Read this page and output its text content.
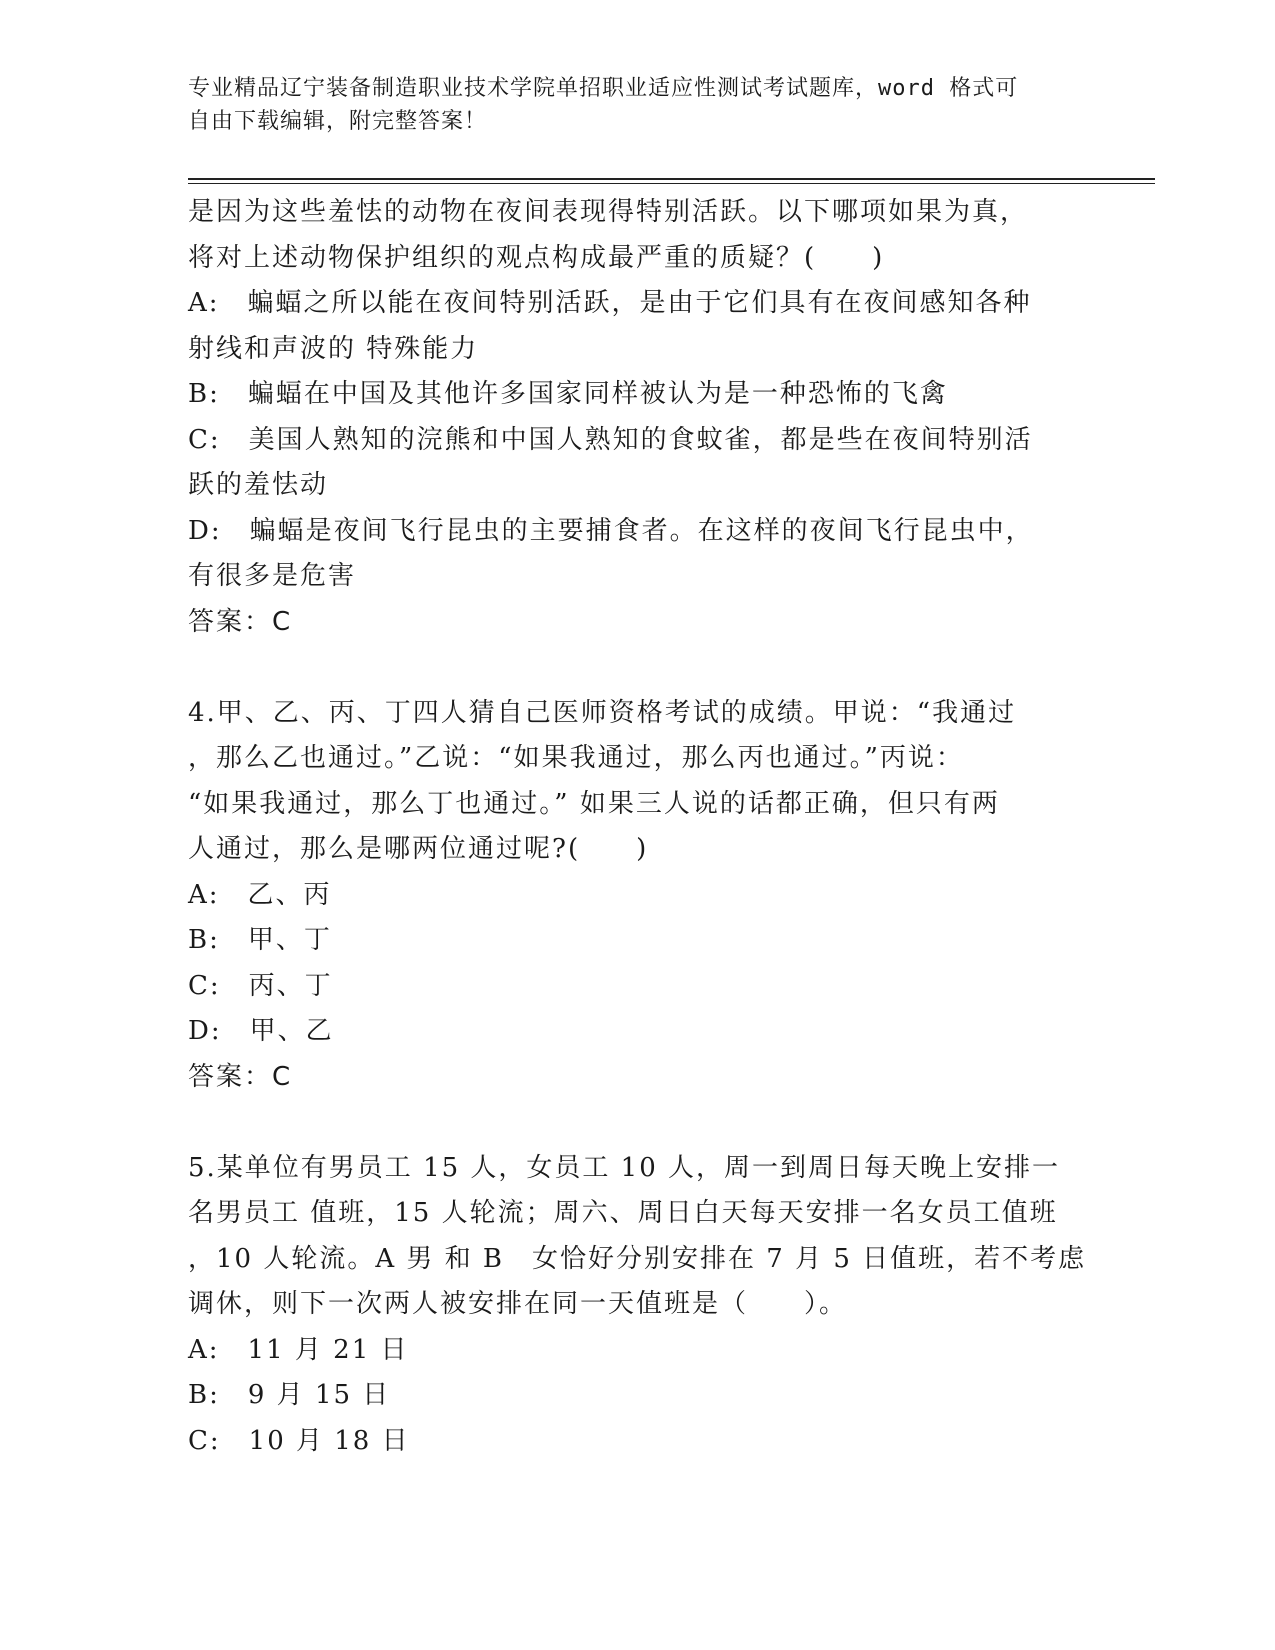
专业精品辽宁装备制造职业技术学院单招职业适应性测试考试题库，word 格式可
自由下载编辑，附完整答案！
是因为这些羞怯的动物在夜间表现得特别活跃。以下哪项如果为真，
将对上述动物保护组织的观点构成最严重的质疑？(　　)
A:　蝙蝠之所以能在夜间特别活跃，是由于它们具有在夜间感知各种
射线和声波的 特殊能力
B:　蝙蝠在中国及其他许多国家同样被认为是一种恐怖的飞禽
C:　美国人熟知的浣熊和中国人熟知的食蚊雀，都是些在夜间特别活
跃的羞怯动
D:　蝙蝠是夜间飞行昆虫的主要捕食者。在这样的夜间飞行昆虫中，
有很多是危害
答案：C
4.甲、乙、丙、丁四人猜自己医师资格考试的成绩。甲说：“我通过
，那么乙也通过。”乙说：“如果我通过，那么丙也通过。”丙说：
“如果我通过，那么丁也通过。” 如果三人说的话都正确，但只有两
人通过，那么是哪两位通过呢?(　　)
A:　乙、丙
B:　甲、丁
C:　丙、丁
D:　甲、乙
答案：C
5.某单位有男员工 15 人，女员工 10 人，周一到周日每天晚上安排一
名男员工 值班，15 人轮流；周六、周日白天每天安排一名女员工值班
，10 人轮流。A 男 和 B　女恰好分别安排在 7 月 5 日值班，若不考虑
调休，则下一次两人被安排在同一天值班是（　　）。
A:　11 月 21 日
B:　9 月 15 日
C:　10 月 18 日
